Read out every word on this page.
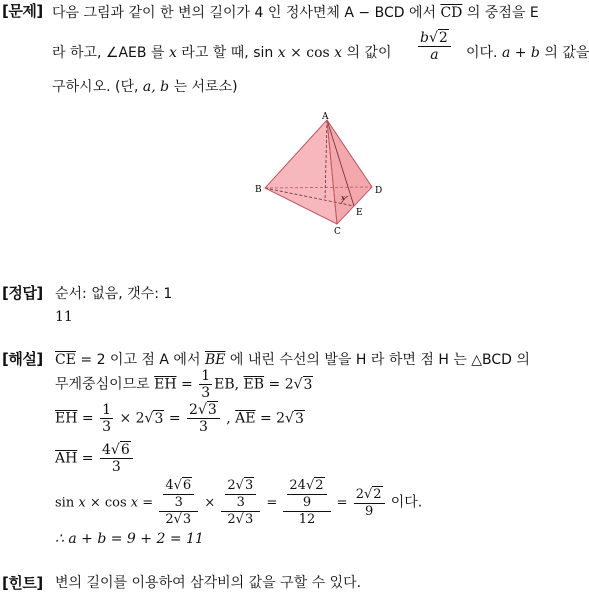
[문제] 다음 그림과 같이 한 변의 길이가 4 인 정사면체 A − BCD 에서 $\overline{CD}$ 의 중점을 E
라 하고, ∠AEB 를 x 라고 할 때, sin x × cos x 의 값이 $\frac{b√2}{a}$ 이다. a + b 의 값을
구하시오. (단, a, b 는 서로소)
A
B
C
D
E
x
[정답] 순서: 없음, 갯수: 1
11
[해설] $\overline{CE} = 2$ 이고 점 A 에서 $\overline{BE}$ 에 내린 수선의 발을 H 라 하면 점 H 는 △BCD 의
무게중심이므로 $\overline{EH} = \frac{1}{3}$ EB, $\overline{EB} = 2√3$
$\overline{EH} = \frac{1}{3} \times 2√3 = \frac{2√3}{3}$ , $\overline{AE} = 2√3$
$\overline{AH} = \frac{4√6}{3}$
$\sin x \times \cos x = \frac{\frac{4√6}{3}}{2√3} \times \frac{\frac{2√3}{3}}{2√3} = \frac{\frac{24√2}{9}}{12} = \frac{2√2}{9}$ 이다.
∴ a + b = 9 + 2 = 11
[힌트] 변의 길이를 이용하여 삼각비의 값을 구할 수 있다.
